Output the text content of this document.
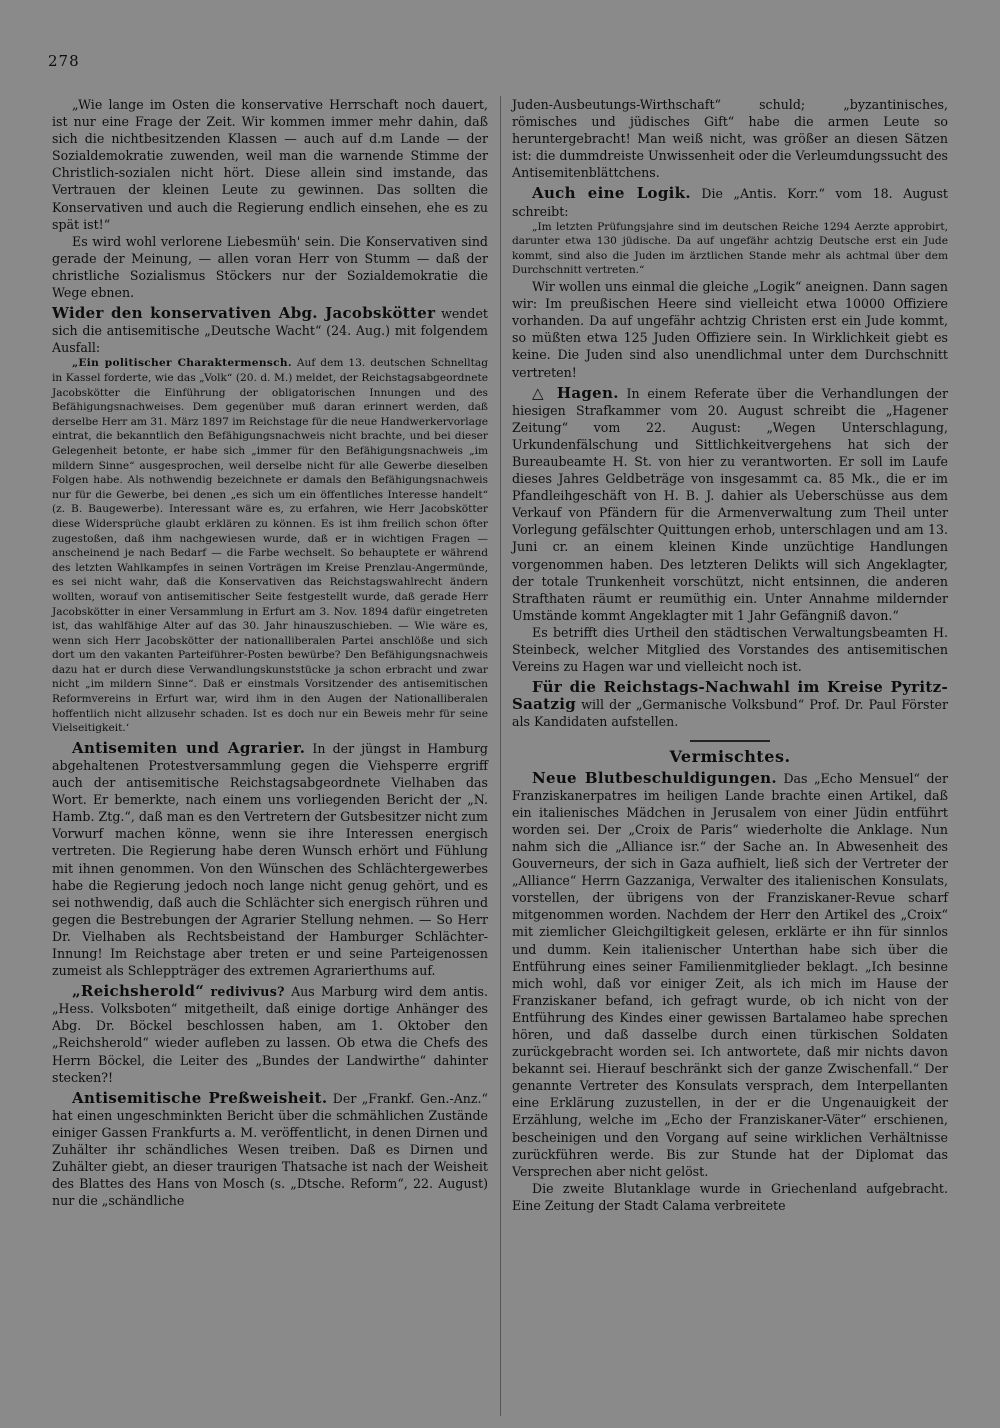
278

„Wie lange im Osten die konservative Herrschaft noch dauert, ist nur eine Frage der Zeit. Wir kommen immer mehr dahin, daß sich die nichtbesitzenden Klassen — auch auf d.m Lande — der Sozialdemokratie zuwenden, weil man die warnende Stimme der Christlich-sozialen nicht hört. Diese allein sind imstande, das Vertrauen der kleinen Leute zu gewinnen. Das sollten die Konservativen und auch die Regierung endlich einsehen, ehe es zu spät ist!“

Es wird wohl verlorene Liebesmüh' sein. Die Konservativen sind gerade der Meinung, — allen voran Herr von Stumm — daß der christliche Sozialismus Stöckers nur der Sozialdemokratie die Wege ebnen.

Wider den konservativen Abg. Jacobskötter wendet sich die antisemitische „Deutsche Wacht“ (24. Aug.) mit folgendem Ausfall:

„Ein politischer Charaktermensch. Auf dem 13. deutschen Schnelltag in Kassel forderte, wie das „Volk“ (20. d. M.) meldet, der Reichstagsabgeordnete Jacobskötter die Einführung der obligatorischen Innungen und des Befähigungsnachweises. Dem gegenüber muß daran erinnert werden, daß derselbe Herr am 31. März 1897 im Reichstage für die neue Handwerkervorlage eintrat, die bekanntlich den Befähigungsnachweis nicht brachte, und bei dieser Gelegenheit betonte, er habe sich „immer für den Befähigungsnachweis „im mildern Sinne“ ausgesprochen, weil derselbe nicht für alle Gewerbe dieselben Folgen habe. Als nothwendig bezeichnete er damals den Befähigungsnachweis nur für die Gewerbe, bei denen „es sich um ein öffentliches Interesse handelt“ (z. B. Baugewerbe). Interessant wäre es, zu erfahren, wie Herr Jacobskötter diese Widersprüche glaubt erklären zu können. Es ist ihm freilich schon öfter zugestoßen, daß ihm nachgewiesen wurde, daß er in wichtigen Fragen — anscheinend je nach Bedarf — die Farbe wechselt. So behauptete er während des letzten Wahlkampfes in seinen Vorträgen im Kreise Prenzlau-Angermünde, es sei nicht wahr, daß die Konservativen das Reichstagswahlrecht ändern wollten, worauf von antisemitischer Seite festgestellt wurde, daß gerade Herr Jacobskötter in einer Versammlung in Erfurt am 3. Nov. 1894 dafür eingetreten ist, das wahlfähige Alter auf das 30. Jahr hinauszuschieben. — Wie wäre es, wenn sich Herr Jacobskötter der nationalliberalen Partei anschlöße und sich dort um den vakanten Parteiführer-Posten bewürbe? Den Befähigungsnachweis dazu hat er durch diese Verwandlungskunststücke ja schon erbracht und zwar nicht „im mildern Sinne“. Daß er einstmals Vorsitzender des antisemitischen Reformvereins in Erfurt war, wird ihm in den Augen der Nationalliberalen hoffentlich nicht allzusehr schaden. Ist es doch nur ein Beweis mehr für seine Vielseitigkeit.‘

Antisemiten und Agrarier. In der jüngst in Hamburg abgehaltenen Protestversammlung gegen die Viehsperre ergriff auch der antisemitische Reichstagsabgeordnete Vielhaben das Wort. Er bemerkte, nach einem uns vorliegenden Bericht der „N. Hamb. Ztg.“, daß man es den Vertretern der Gutsbesitzer nicht zum Vorwurf machen könne, wenn sie ihre Interessen energisch vertreten. Die Regierung habe deren Wunsch erhört und Fühlung mit ihnen genommen. Von den Wünschen des Schlächtergewerbes habe die Regierung jedoch noch lange nicht genug gehört, und es sei nothwendig, daß auch die Schlächter sich energisch rühren und gegen die Bestrebungen der Agrarier Stellung nehmen. — So Herr Dr. Vielhaben als Rechtsbeistand der Hamburger Schlächter-Innung! Im Reichstage aber treten er und seine Parteigenossen zumeist als Schleppträger des extremen Agrarierthums auf.

„Reichsherold“ redivivus? Aus Marburg wird dem antis. „Hess. Volksboten“ mitgetheilt, daß einige dortige Anhänger des Abg. Dr. Böckel beschlossen haben, am 1. Oktober den „Reichsherold“ wieder aufleben zu lassen. Ob etwa die Chefs des Herrn Böckel, die Leiter des „Bundes der Landwirthe“ dahinter stecken?!

Antisemitische Preßweisheit. Der „Frankf. Gen.-Anz.“ hat einen ungeschminkten Bericht über die schmählichen Zustände einiger Gassen Frankfurts a. M. veröffentlicht, in denen Dirnen und Zuhälter ihr schändliches Wesen treiben. Daß es Dirnen und Zuhälter giebt, an dieser traurigen Thatsache ist nach der Weisheit des Blattes des Hans von Mosch (s. „Dtsche. Reform“, 22. August) nur die „schändliche

Juden-Ausbeutungs-Wirthschaft“ schuld; „byzantinisches, römisches und jüdisches Gift“ habe die armen Leute so heruntergebracht! Man weiß nicht, was größer an diesen Sätzen ist: die dummdreiste Unwissenheit oder die Verleumdungssucht des Antisemitenblättchens.

Auch eine Logik. Die „Antis. Korr.“ vom 18. August schreibt:

„Im letzten Prüfungsjahre sind im deutschen Reiche 1294 Aerzte approbirt, darunter etwa 130 jüdische. Da auf ungefähr achtzig Deutsche erst ein Jude kommt, sind also die Juden im ärztlichen Stande mehr als achtmal über dem Durchschnitt vertreten.“

Wir wollen uns einmal die gleiche „Logik“ aneignen. Dann sagen wir: Im preußischen Heere sind vielleicht etwa 10000 Offiziere vorhanden. Da auf ungefähr achtzig Christen erst ein Jude kommt, so müßten etwa 125 Juden Offiziere sein. In Wirklichkeit giebt es keine. Die Juden sind also unendlichmal unter dem Durchschnitt vertreten!

△ Hagen. In einem Referate über die Verhandlungen der hiesigen Strafkammer vom 20. August schreibt die „Hagener Zeitung“ vom 22. August: „Wegen Unterschlagung, Urkundenfälschung und Sittlichkeitvergehens hat sich der Bureaubeamte H. St. von hier zu verantworten. Er soll im Laufe dieses Jahres Geldbeträge von insgesammt ca. 85 Mk., die er im Pfandleihgeschäft von H. B. J. dahier als Ueberschüsse aus dem Verkauf von Pfändern für die Armenverwaltung zum Theil unter Vorlegung gefälschter Quittungen erhob, unterschlagen und am 13. Juni cr. an einem kleinen Kinde unzüchtige Handlungen vorgenommen haben. Des letzteren Delikts will sich Angeklagter, der totale Trunkenheit vorschützt, nicht entsinnen, die anderen Strafthaten räumt er reumüthig ein. Unter Annahme mildernder Umstände kommt Angeklagter mit 1 Jahr Gefängniß davon.“

Es betrifft dies Urtheil den städtischen Verwaltungsbeamten H. Steinbeck, welcher Mitglied des Vorstandes des antisemitischen Vereins zu Hagen war und vielleicht noch ist.

Für die Reichstags-Nachwahl im Kreise Pyritz-Saatzig will der „Germanische Volksbund“ Prof. Dr. Paul Förster als Kandidaten aufstellen.

Vermischtes.

Neue Blutbeschuldigungen. Das „Echo Mensuel“ der Franziskanerpatres im heiligen Lande brachte einen Artikel, daß ein italienisches Mädchen in Jerusalem von einer Jüdin entführt worden sei. Der „Croix de Paris“ wiederholte die Anklage. Nun nahm sich die „Alliance isr.“ der Sache an. In Abwesenheit des Gouverneurs, der sich in Gaza aufhielt, ließ sich der Vertreter der „Alliance“ Herrn Gazzaniga, Verwalter des italienischen Konsulats, vorstellen, der übrigens von der Franziskaner-Revue scharf mitgenommen worden. Nachdem der Herr den Artikel des „Croix“ mit ziemlicher Gleichgiltigkeit gelesen, erklärte er ihn für sinnlos und dumm. Kein italienischer Unterthan habe sich über die Entführung eines seiner Familienmitglieder beklagt. „Ich besinne mich wohl, daß vor einiger Zeit, als ich mich im Hause der Franziskaner befand, ich gefragt wurde, ob ich nicht von der Entführung des Kindes einer gewissen Bartalameo habe sprechen hören, und daß dasselbe durch einen türkischen Soldaten zurückgebracht worden sei. Ich antwortete, daß mir nichts davon bekannt sei. Hierauf beschränkt sich der ganze Zwischenfall.“ Der genannte Vertreter des Konsulats versprach, dem Interpellanten eine Erklärung zuzustellen, in der er die Ungenauigkeit der Erzählung, welche im „Echo der Franziskaner-Väter“ erschienen, bescheinigen und den Vorgang auf seine wirklichen Verhältnisse zurückführen werde. Bis zur Stunde hat der Diplomat das Versprechen aber nicht gelöst.

Die zweite Blutanklage wurde in Griechenland aufgebracht. Eine Zeitung der Stadt Calama verbreitete
